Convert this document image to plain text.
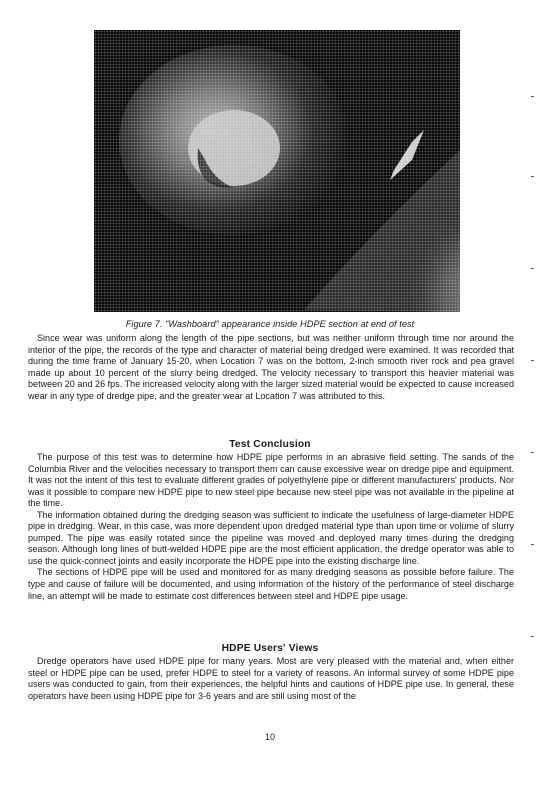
Figure 7. "Washboard" appearance inside HDPE section at end of test

Since wear was uniform along the length of the pipe sections, but was neither uniform through time nor around the interior of the pipe, the records of the type and character of material being dredged were examined. It was recorded that during the time frame of January 15-20, when Location 7 was on the bottom, 2-inch smooth river rock and pea gravel made up about 10 percent of the slurry being dredged. The velocity necessary to transport this heavier material was between 20 and 26 fps. The increased velocity along with the larger sized material would be expected to cause increased wear in any type of dredge pipe, and the greater wear at Location 7 was attributed to this.

Test Conclusion

The purpose of this test was to determine how HDPE pipe performs in an abrasive field setting. The sands of the Columbia River and the velocities necessary to transport them can cause excessive wear on dredge pipe and equipment. It was not the intent of this test to evaluate different grades of polyethylene pipe or different manufacturers' products. Nor was it possible to compare new HDPE pipe to new steel pipe because new steel pipe was not available in the pipeline at the time.

The information obtained during the dredging season was sufficient to indicate the usefulness of large-diameter HDPE pipe in dredging. Wear, in this case, was more dependent upon dredged material type than upon time or volume of slurry pumped. The pipe was easily rotated since the pipeline was moved and deployed many times during the dredging season. Although long lines of butt-welded HDPE pipe are the most efficient application, the dredge operator was able to use the quick-connect joints and easily incorporate the HDPE pipe into the existing discharge line.

The sections of HDPE pipe will be used and monitored for as many dredging seasons as possible before failure. The type and cause of failure will be documented, and using information of the history of the performance of steel discharge line, an attempt will be made to estimate cost differences between steel and HDPE pipe usage.

HDPE Users' Views

Dredge operators have used HDPE pipe for many years. Most are very pleased with the material and, when either steel or HDPE pipe can be used, prefer HDPE to steel for a variety of reasons. An informal survey of some HDPE pipe users was conducted to gain, from their experiences, the helpful hints and cautions of HDPE pipe use. In general, these operators have been using HDPE pipe for 3-6 years and are still using most of the

10
